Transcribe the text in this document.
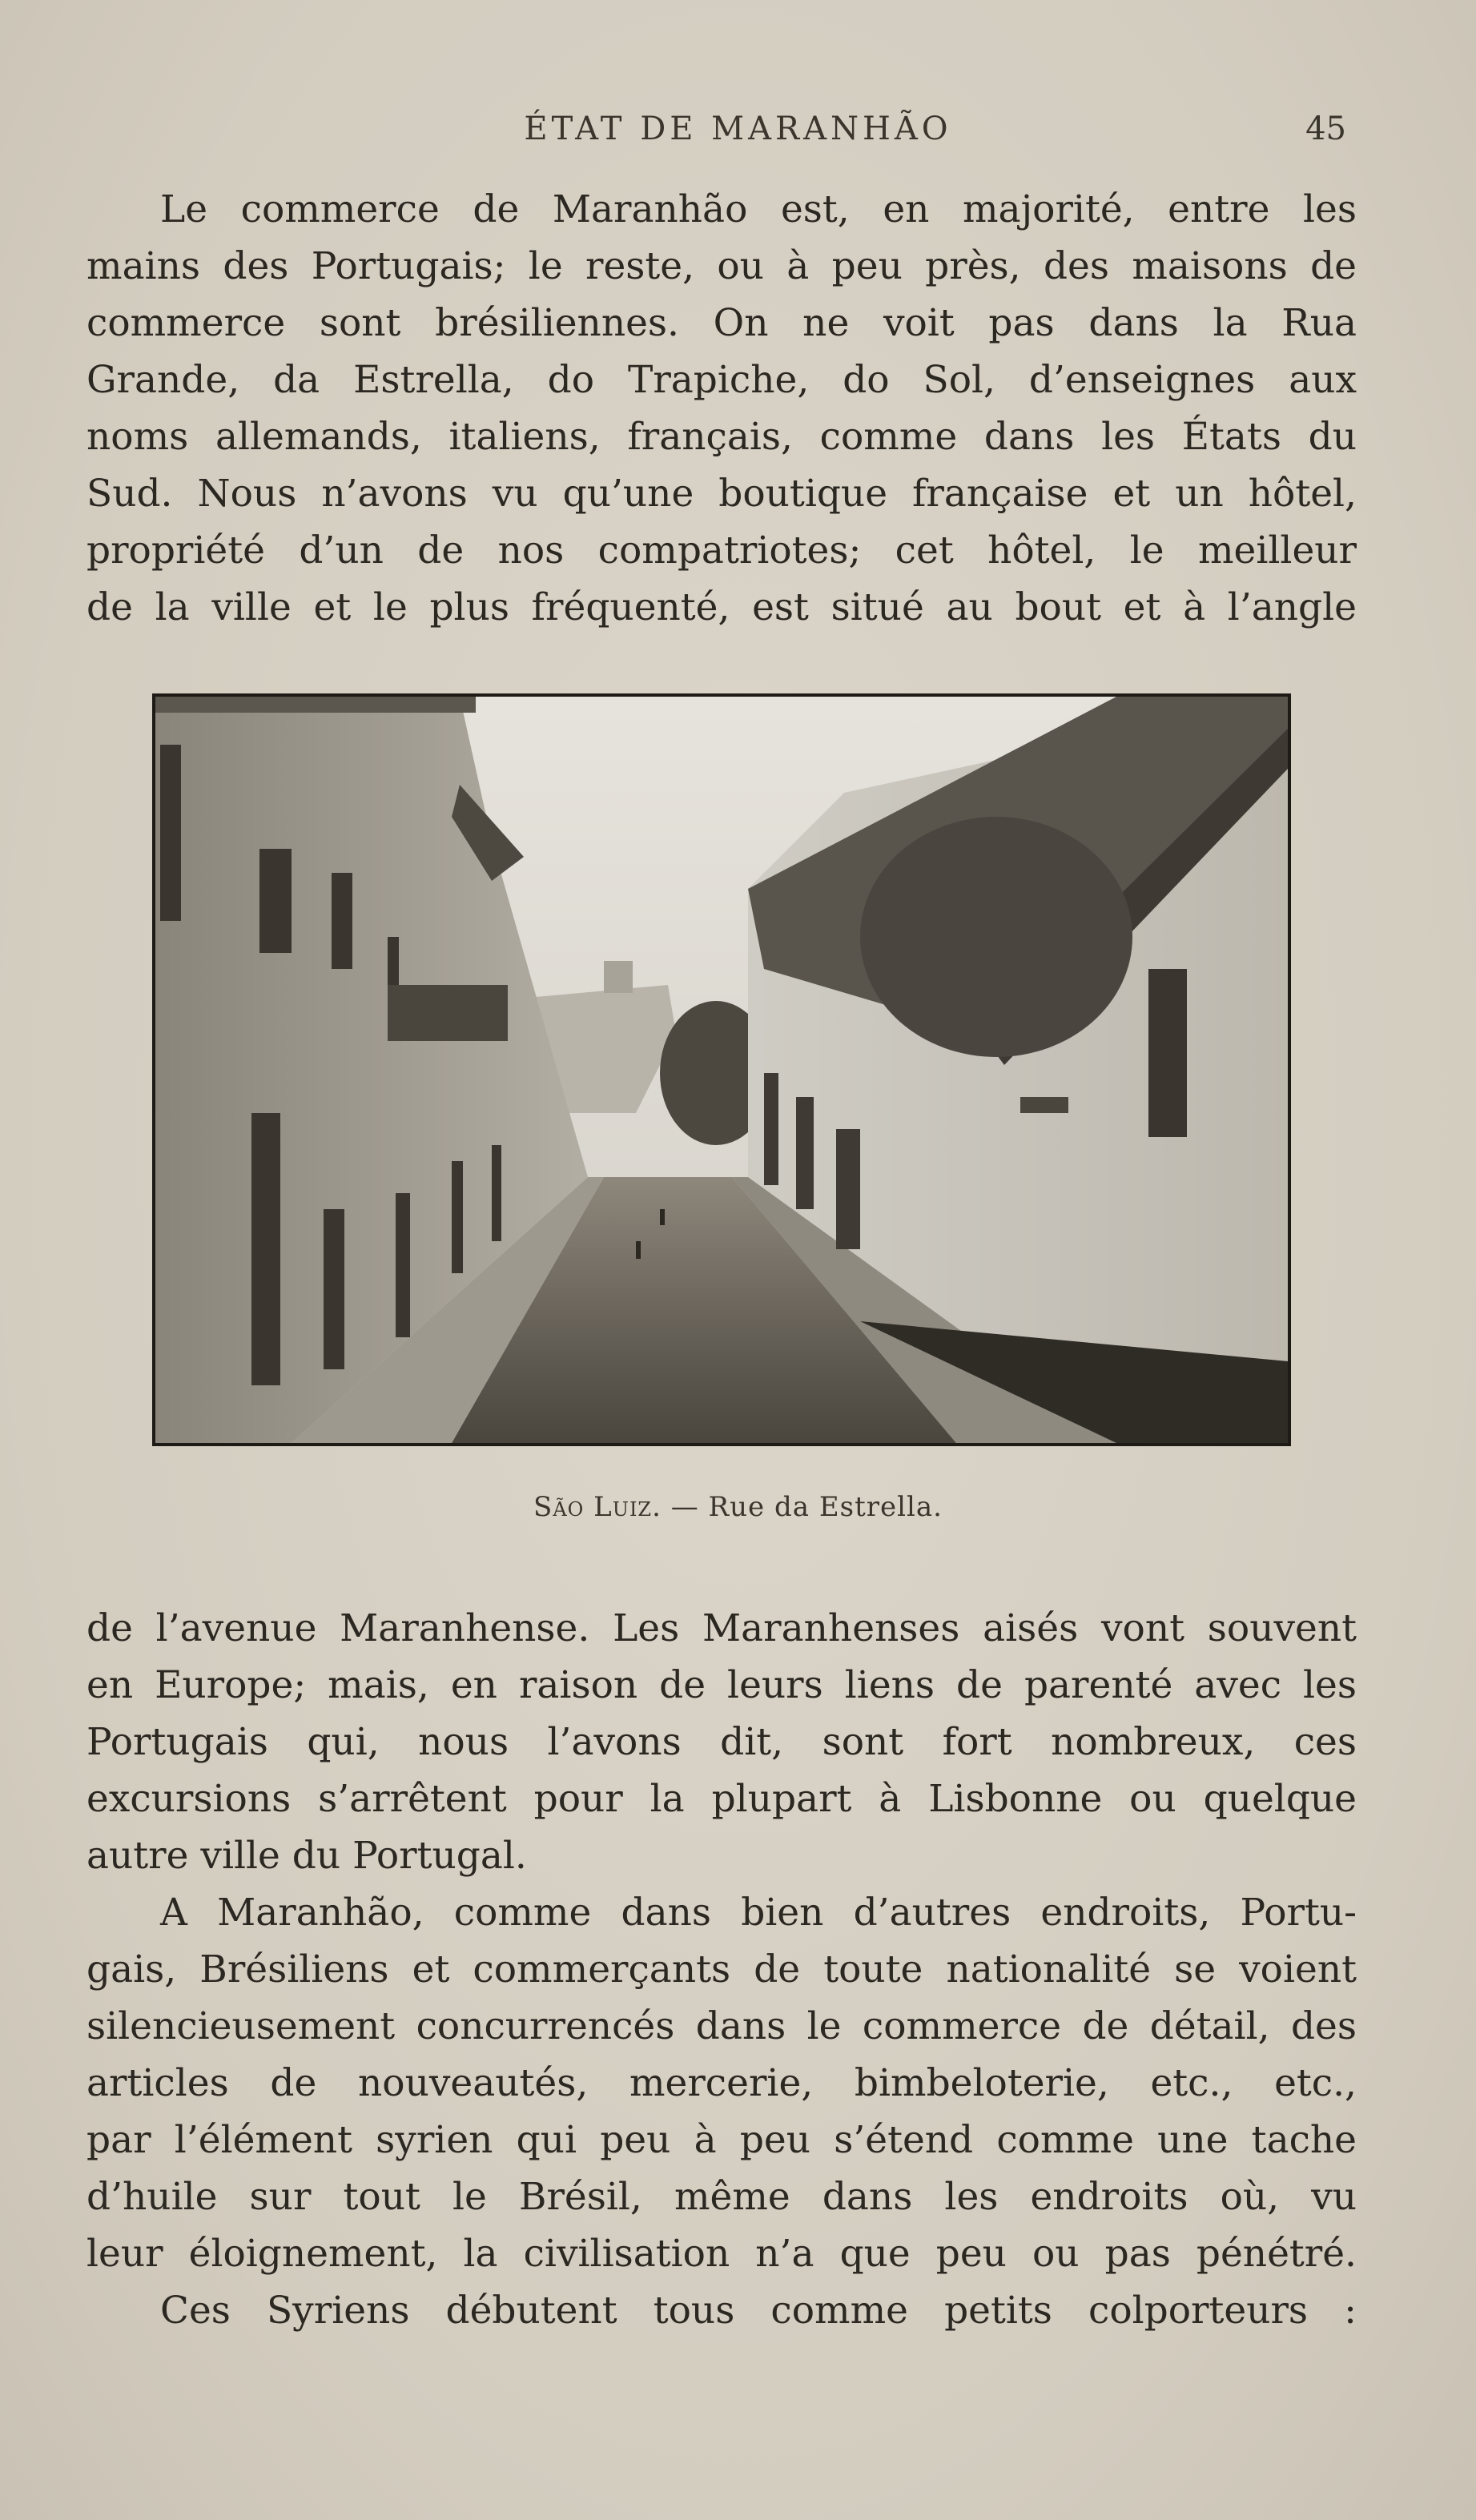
ÉTAT DE MARANHÃO	45
Le commerce de Maranhão est, en majorité, entre les
mains des Portugais; le reste, ou à peu près, des maisons de
commerce sont brésiliennes. On ne voit pas dans la Rua
Grande, da Estrella, do Trapiche, do Sol, d’enseignes aux
noms allemands, italiens, français, comme dans les États du
Sud. Nous n’avons vu qu’une boutique française et un hôtel,
propriété d’un de nos compatriotes; cet hôtel, le meilleur
de la ville et le plus fréquenté, est situé au bout et à l’angle
São Luiz. — Rue da Estrella.
de l’avenue Maranhense. Les Maranhenses aisés vont souvent
en Europe; mais, en raison de leurs liens de parenté avec les
Portugais qui, nous l’avons dit, sont fort nombreux, ces
excursions s’arrêtent pour la plupart à Lisbonne ou quelque
autre ville du Portugal.
A Maranhão, comme dans bien d’autres endroits, Portu-
gais, Brésiliens et commerçants de toute nationalité se voient
silencieusement concurrencés dans le commerce de détail, des
articles de nouveautés, mercerie, bimbeloterie, etc., etc.,
par l’élément syrien qui peu à peu s’étend comme une tache
d’huile sur tout le Brésil, même dans les endroits où, vu
leur éloignement, la civilisation n’a que peu ou pas pénétré.
Ces Syriens débutent tous comme petits colporteurs :
